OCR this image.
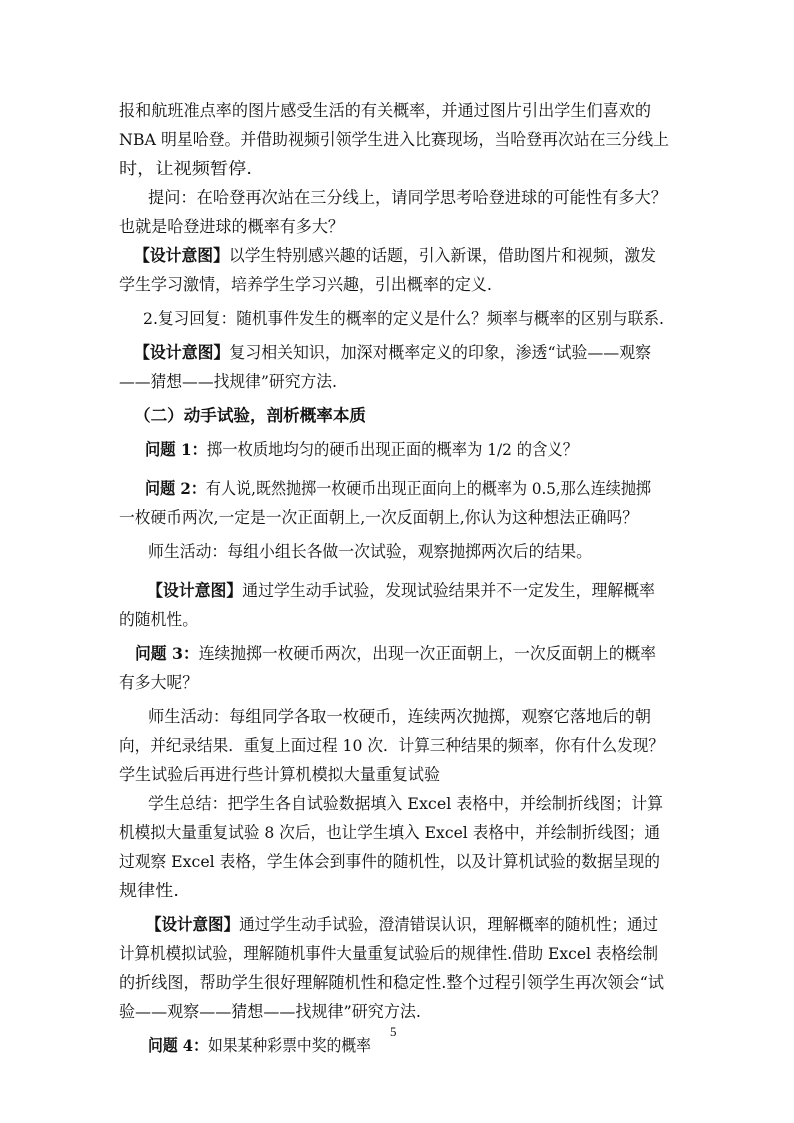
报和航班准点率的图片感受生活的有关概率，并通过图片引出学生们喜欢的
NBA 明星哈登。并借助视频引领学生进入比赛现场，当哈登再次站在三分线上
时，让视频暂停.
提问：在哈登再次站在三分线上，请同学思考哈登进球的可能性有多大？
也就是哈登进球的概率有多大？
【设计意图】以学生特别感兴趣的话题，引入新课，借助图片和视频，激发
学生学习激情，培养学生学习兴趣，引出概率的定义.
2.复习回复：随机事件发生的概率的定义是什么？频率与概率的区别与联系.
【设计意图】复习相关知识，加深对概率定义的印象，渗透“试验——观察
——猜想——找规律”研究方法.
（二）动手试验，剖析概率本质
问题 1：掷一枚质地均匀的硬币出现正面的概率为 1/2 的含义？
问题 2：有人说,既然抛掷一枚硬币出现正面向上的概率为 0.5,那么连续抛掷
一枚硬币两次,一定是一次正面朝上,一次反面朝上,你认为这种想法正确吗？
师生活动：每组小组长各做一次试验，观察抛掷两次后的结果。
【设计意图】通过学生动手试验，发现试验结果并不一定发生，理解概率
的随机性。
问题 3：连续抛掷一枚硬币两次，出现一次正面朝上，一次反面朝上的概率
有多大呢？
师生活动：每组同学各取一枚硬币，连续两次抛掷，观察它落地后的朝
向，并纪录结果．重复上面过程 10 次．计算三种结果的频率，你有什么发现？
学生试验后再进行些计算机模拟大量重复试验
学生总结：把学生各自试验数据填入 Excel 表格中，并绘制折线图；计算
机模拟大量重复试验 8 次后，也让学生填入 Excel 表格中，并绘制折线图；通
过观察 Excel 表格，学生体会到事件的随机性，以及计算机试验的数据呈现的
规律性.
【设计意图】通过学生动手试验，澄清错误认识，理解概率的随机性；通过
计算机模拟试验，理解随机事件大量重复试验后的规律性.借助 Excel 表格绘制
的折线图，帮助学生很好理解随机性和稳定性.整个过程引领学生再次领会“试
验——观察——猜想——找规律”研究方法.
问题 4：如果某种彩票中奖的概率
5
